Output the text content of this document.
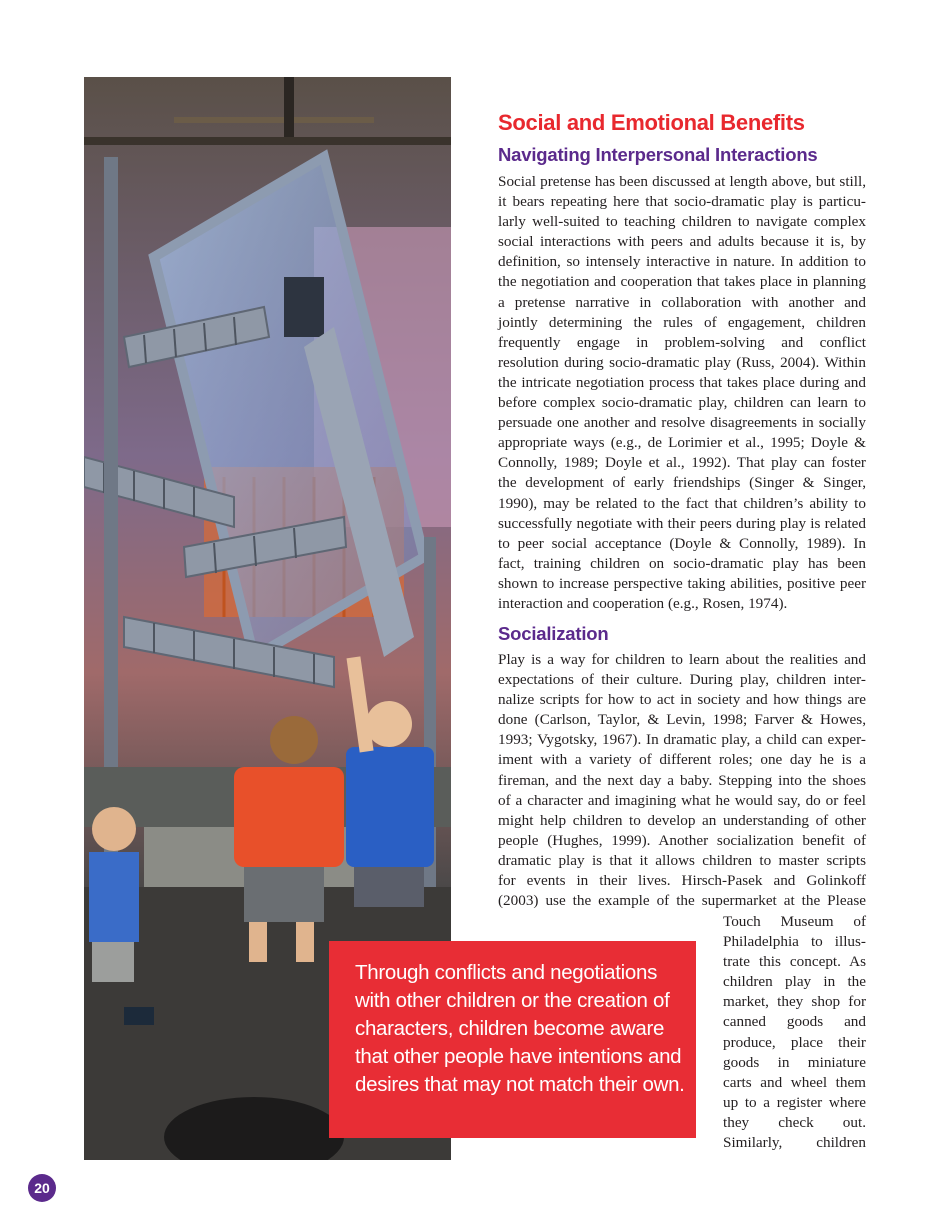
Social and Emotional Benefits
Navigating Interpersonal Interactions
Social pretense has been discussed at length above, but still,
it bears repeating here that socio-dramatic play is particu-
larly well-suited to teaching children to navigate complex
social interactions with peers and adults because it is, by
definition, so intensely interactive in nature. In addition to
the negotiation and cooperation that takes place in planning
a pretense narrative in collaboration with another and
jointly determining the rules of engagement, children
frequently engage in problem-solving and conflict
resolution during socio-dramatic play (Russ, 2004). Within
the intricate negotiation process that takes place during and
before complex socio-dramatic play, children can learn to
persuade one another and resolve disagreements in socially
appropriate ways (e.g., de Lorimier et al., 1995; Doyle &
Connolly, 1989; Doyle et al., 1992). That play can foster
the development of early friendships (Singer & Singer,
1990), may be related to the fact that children’s ability to
successfully negotiate with their peers during play is related
to peer social acceptance (Doyle & Connolly, 1989). In
fact, training children on socio-dramatic play has been
shown to increase perspective taking abilities, positive peer
interaction and cooperation (e.g., Rosen, 1974).
Socialization
Play is a way for children to learn about the realities and
expectations of their culture. During play, children inter-
nalize scripts for how to act in society and how things are
done (Carlson, Taylor, & Levin, 1998; Farver & Howes,
1993; Vygotsky, 1967). In dramatic play, a child can exper-
iment with a variety of different roles; one day he is a
fireman, and the next day a baby. Stepping into the shoes
of a character and imagining what he would say, do or feel
might help children to develop an understanding of other
people (Hughes, 1999). Another socialization benefit of
dramatic play is that it allows children to master scripts
for events in their lives. Hirsch-Pasek and Golinkoff
(2003) use the example of the supermarket at the Please
Touch Museum of
Philadelphia to illus-
trate this concept. As
children play in the
market, they shop for
canned goods and
produce, place their
goods in miniature
carts and wheel them
up to a register where
they check out.
Similarly, children

Through conflicts and negotiations with other children or the creation of characters, children become aware that other people have intentions and desires that may not match their own.

20
